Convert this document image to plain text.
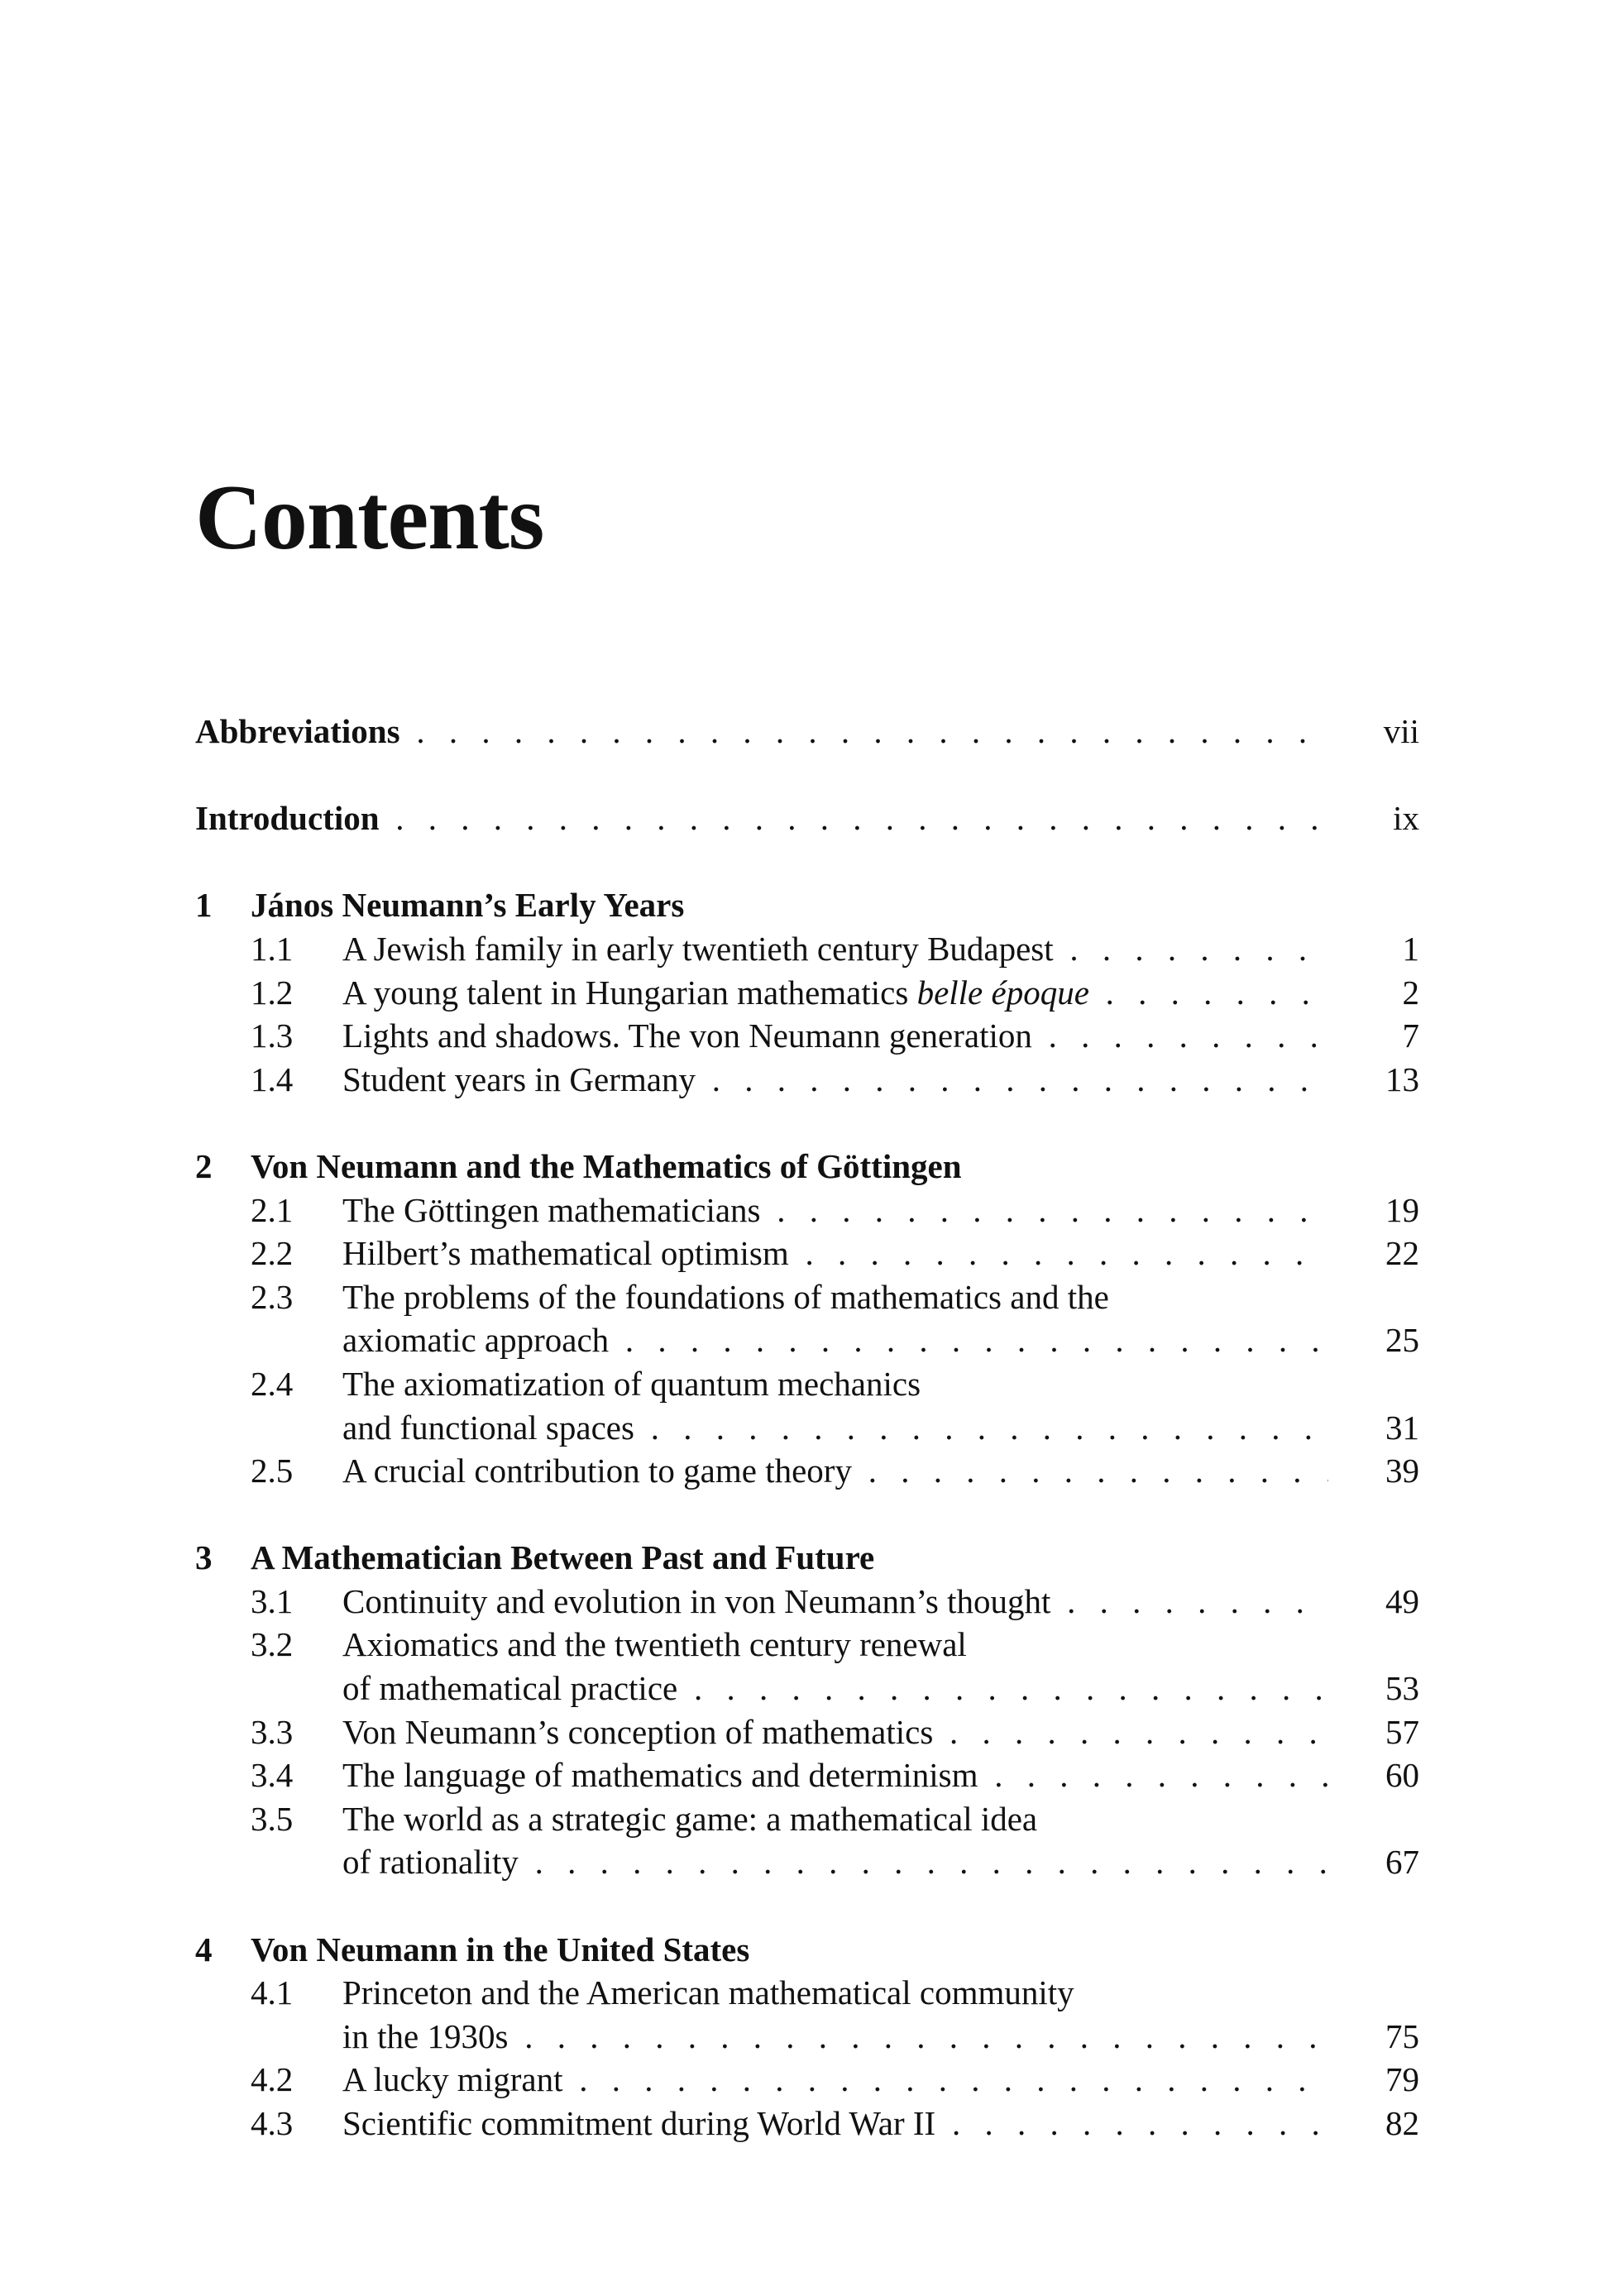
Contents
Abbreviations . . .	vii
Introduction . . .	ix
1 János Neumann’s Early Years
1.1 A Jewish family in early twentieth century Budapest . . .	1
1.2 A young talent in Hungarian mathematics belle époque . . .	2
1.3 Lights and shadows. The von Neumann generation . . .	7
1.4 Student years in Germany . . .	13
2 Von Neumann and the Mathematics of Göttingen
2.1 The Göttingen mathematicians . . .	19
2.2 Hilbert’s mathematical optimism . . .	22
2.3 The problems of the foundations of mathematics and the
axiomatic approach . . .	25
2.4 The axiomatization of quantum mechanics
and functional spaces . . .	31
2.5 A crucial contribution to game theory . . .	39
3 A Mathematician Between Past and Future
3.1 Continuity and evolution in von Neumann’s thought . . .	49
3.2 Axiomatics and the twentieth century renewal
of mathematical practice . . .	53
3.3 Von Neumann’s conception of mathematics . . .	57
3.4 The language of mathematics and determinism . . .	60
3.5 The world as a strategic game: a mathematical idea
of rationality . . .	67
4 Von Neumann in the United States
4.1 Princeton and the American mathematical community
in the 1930s . . .	75
4.2 A lucky migrant . . .	79
4.3 Scientific commitment during World War II . . .	82
